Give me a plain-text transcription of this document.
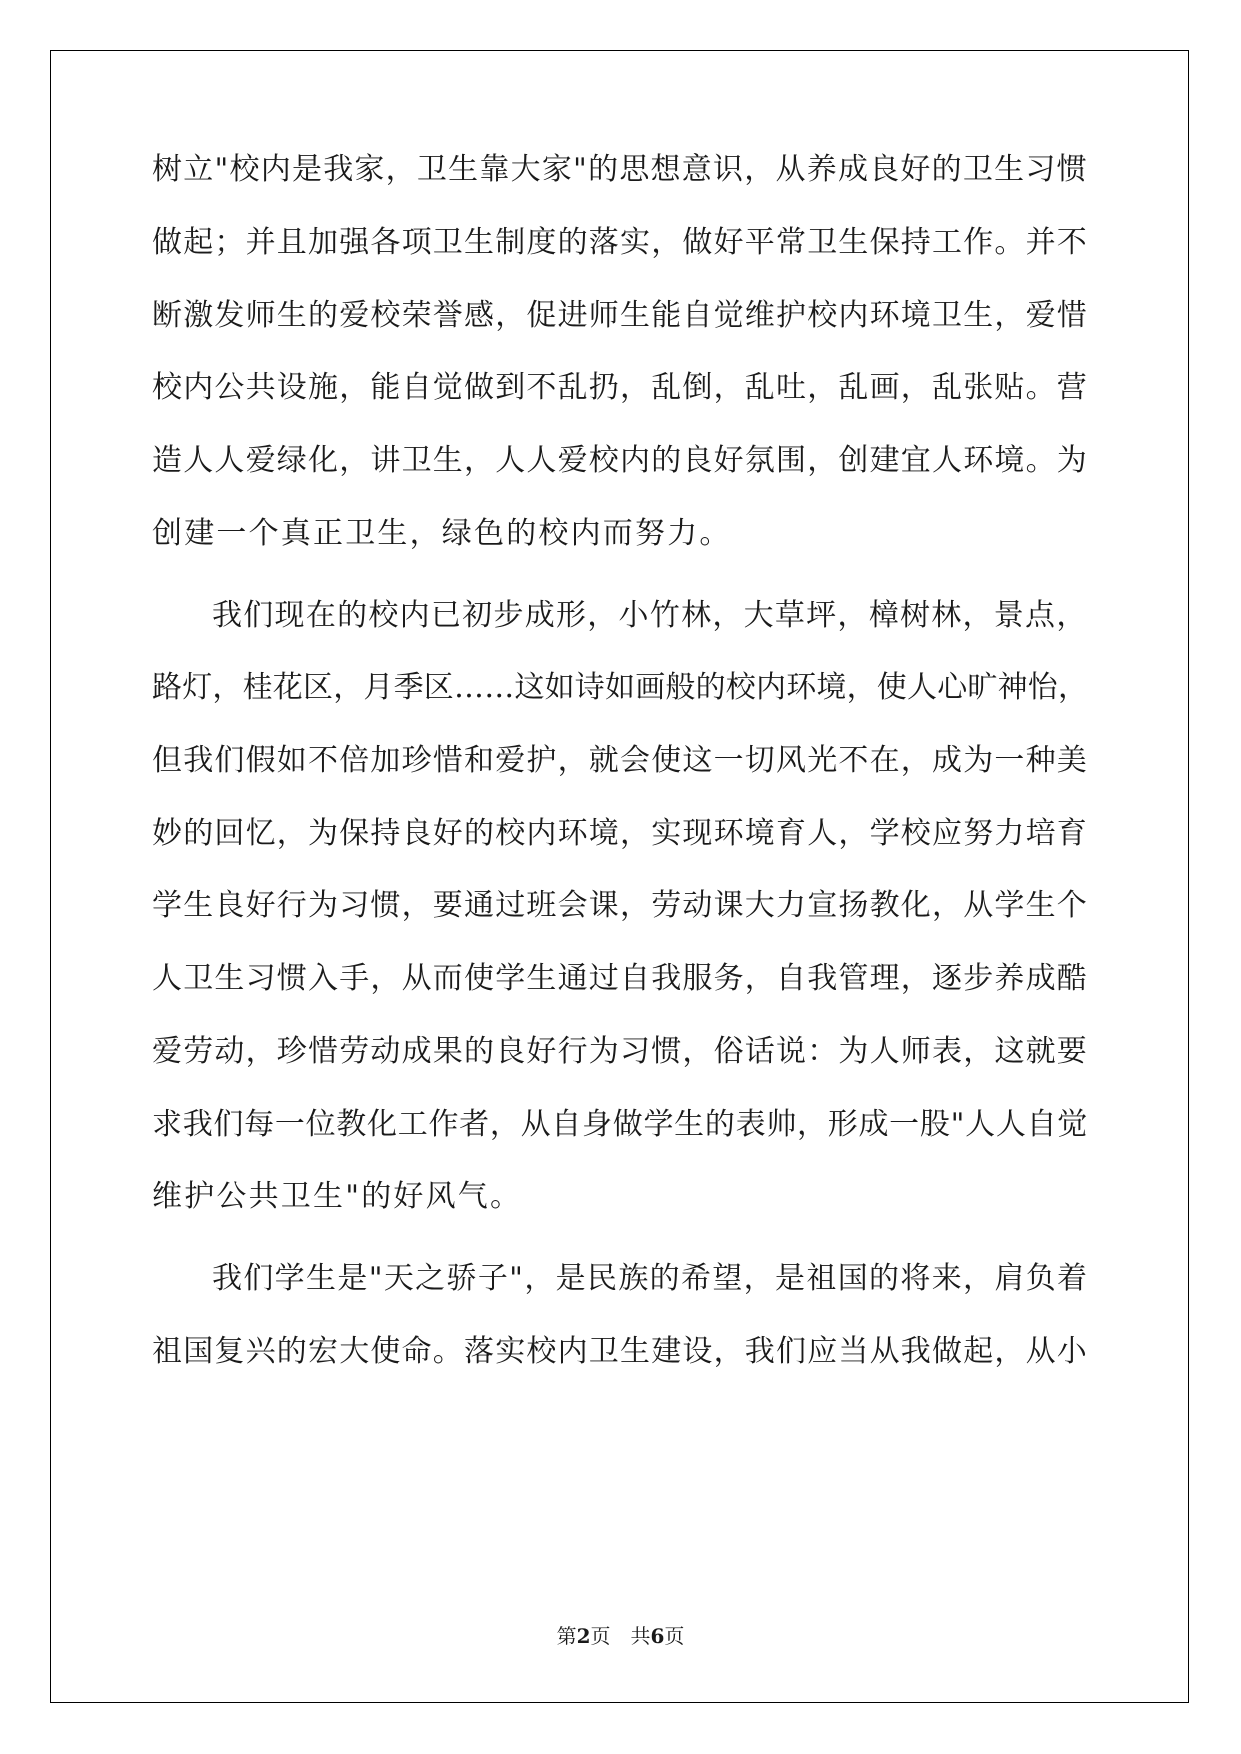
树立"校内是我家，卫生靠大家"的思想意识，从养成良好的卫生习惯
做起；并且加强各项卫生制度的落实，做好平常卫生保持工作。并不
断激发师生的爱校荣誉感，促进师生能自觉维护校内环境卫生，爱惜
校内公共设施，能自觉做到不乱扔，乱倒，乱吐，乱画，乱张贴。营
造人人爱绿化，讲卫生，人人爱校内的良好氛围，创建宜人环境。为
创建一个真正卫生，绿色的校内而努力。
我们现在的校内已初步成形，小竹林，大草坪，樟树林，景点，
路灯，桂花区，月季区……这如诗如画般的校内环境，使人心旷神怡，
但我们假如不倍加珍惜和爱护，就会使这一切风光不在，成为一种美
妙的回忆，为保持良好的校内环境，实现环境育人，学校应努力培育
学生良好行为习惯，要通过班会课，劳动课大力宣扬教化，从学生个
人卫生习惯入手，从而使学生通过自我服务，自我管理，逐步养成酷
爱劳动，珍惜劳动成果的良好行为习惯，俗话说：为人师表，这就要
求我们每一位教化工作者，从自身做学生的表帅，形成一股"人人自觉
维护公共卫生"的好风气。
我们学生是"天之骄子"，是民族的希望，是祖国的将来，肩负着
祖国复兴的宏大使命。落实校内卫生建设，我们应当从我做起，从小
第2页　共6页
